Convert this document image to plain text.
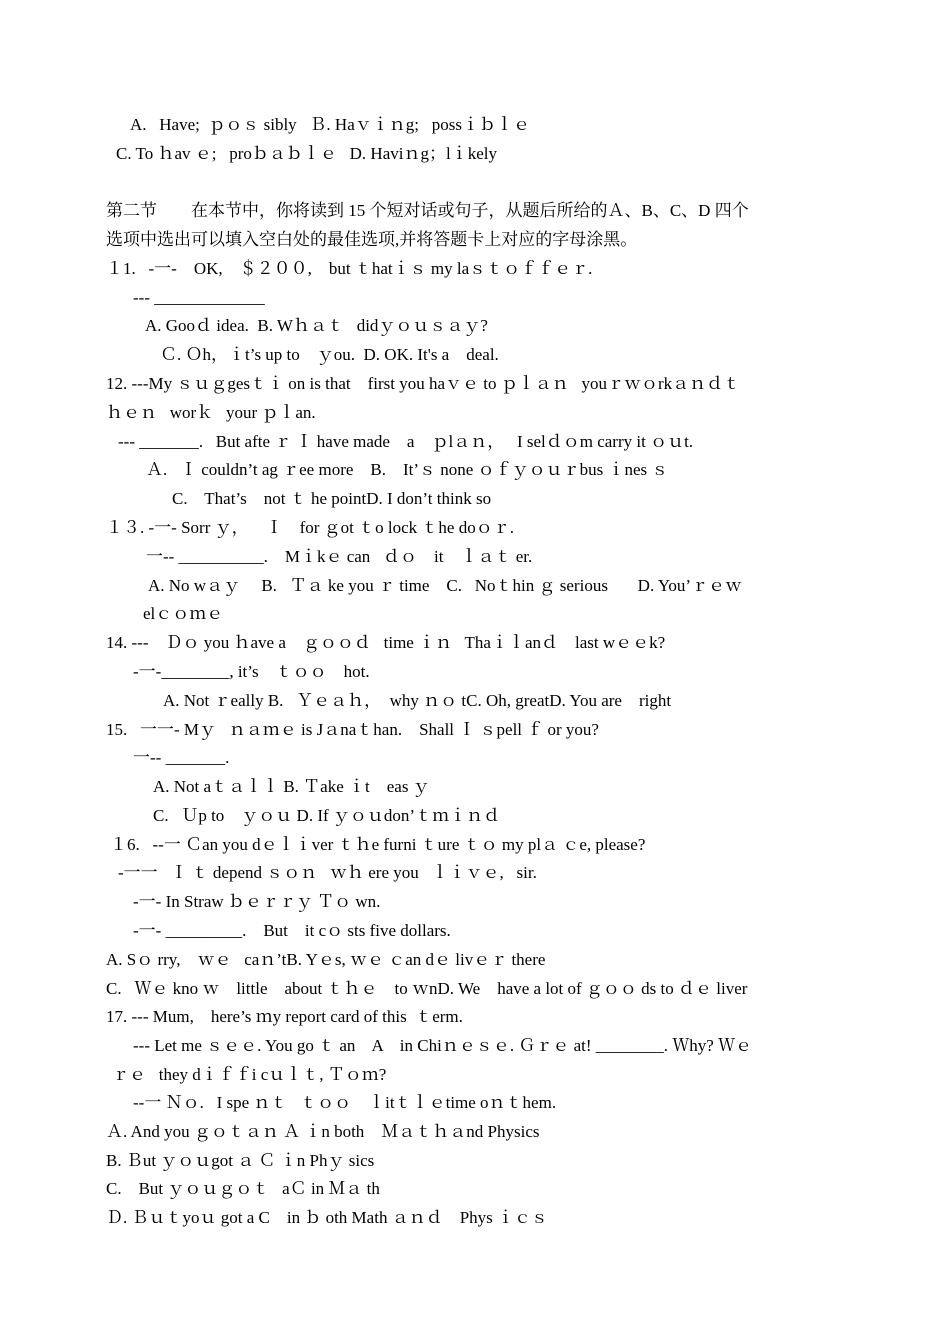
A.   Have;  ｐｏｓ sibly   Ｂ. Haｖｉｎg;   possｉｂｌｅ
C. To ｈav ｅ;   proｂａｂｌｅ   D. Haviｎg；lｉkely
第二节        在本节中，你将读到 15 个短对话或句子，从题后所给的Ａ、B、C、D 四个
选项中选出可以填入空白处的最佳选项,并将答题卡上对应的字母涂黑。
１1.   -一-    OK,    ＄２００,    but ｔhatｉｓ my laｓｔｏｆｆｅｒ.
--- _____________
A. Gooｄ idea.  B. Wｈａｔ   didｙｏｕｓａｙ?
Ｃ. Ｏh，ｉt’s up to    ｙou.  D. OK. It's a    deal.
12. ---My ｓｕｇgesｔｉ on is that    first you haｖｅ to ｐｌａｎ   youｒｗｏrkａｎｄｔ
ｈｅｎ   worｋ   your ｐｌan.
--- _______.   But afte ｒ Ｉ have made    a    ｐlａｎ，   I selｄｏm carry it ｏｕt.
Ａ.   Ｉ couldn’t ag ｒee more    B.    It’ｓ none ｏｆｙｏｕｒbus ｉnes ｓ
C.    That’s    not ｔ he pointD. I don’t think so
１３. -一- Sorr ｙ，    Ｉ    for ｇot ｔo lock ｔhe doｏｒ.
一-- __________.    Mｉkｅ can   ｄｏ    it    ｌａｔ er.
A. No wａｙ     B.   Ｔａ ke you ｒ time    C.   Noｔhin ｇ serious       D. You’ｒｅｗ
elｃｏｍｅ
14. ---    Ｄｏ you ｈave a    ｇｏｏｄ   time ｉｎ   Thaｉｌanｄ    last wｅｅk?
-一-________, it’s    ｔｏｏ    hot.
A. Not ｒeally B.   Ｙｅａｈ，  why ｎｏ tC. Oh, greatD. You are    right
15.   一一- Mｙ   ｎａｍｅ is Jａnaｔhan.    Shall Ｉ ｓpell ｆ or you?
一-- _______.
A. Not aｔａｌｌ B. Ｔake ｉt    eas ｙ
C.   Ｕp to    ｙｏｕ D. If ｙｏｕdon’ｔｍｉｎｄ
１6.   --一 Ｃan you dｅｌｉver ｔｈe furni ｔure ｔｏ my plａ ｃe, please?
-一一   Ｉ ｔ depend ｓｏｎ   ｗｈ ere you   ｌｉｖｅ,   sir.
-一- In Straw ｂｅｒｒｙ Ｔｏ wn.
-一- _________.    But    it cｏ sts five dollars.
A. Sｏ rry,    ｗｅ   caｎ’tB. Yｅs, ｗｅ ｃan dｅ livｅｒ there
C.   Ｗｅ kno ｗ    little    about ｔｈｅ    to ｗnD. We    have a lot of ｇｏｏ ds to ｄｅ liver
17. --- Mum,    here’s ｍy report card of this  ｔerm.
--- Let me ｓｅｅ. You go ｔ an    A    in Chiｎｅｓｅ. Ｇｒｅ at! ________. Ｗhy? Ｗｅ
ｒｅ   they dｉｆｆi cｕｌｔ, Ｔｏｍ?
--一 Ｎｏ.   I spe ｎｔ   ｔｏｏ    ｌitｔｌｅtime oｎｔhem.
Ａ. And you ｇｏｔａｎ Ａ ｉn both    Ｍａｔｈａnd Physics
B. Ｂut ｙｏｕgot ａ Ｃ ｉn Phｙ sics
C.    But ｙｏｕｇｏｔ   aＣ in Ｍａ th
Ｄ. Ｂｕｔyoｕ got a C    in ｂ oth Math ａｎｄ    Phys ｉｃｓ
